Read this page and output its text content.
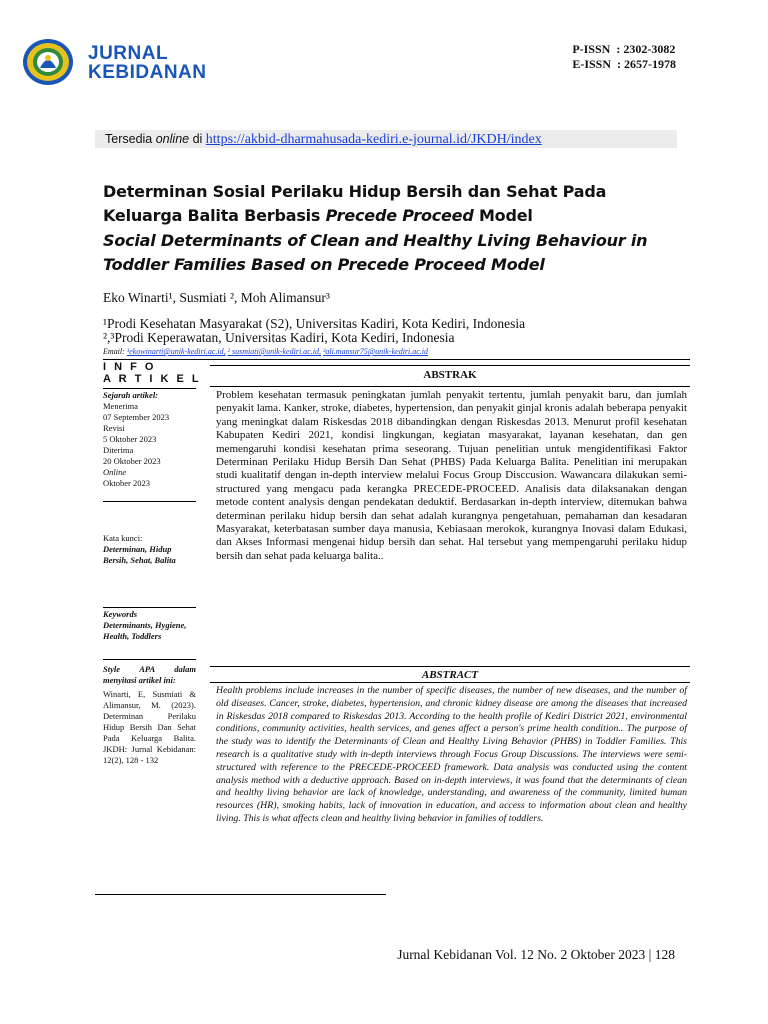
JURNAL
KEBIDANAN
P-ISSN  : 2302-3082
E-ISSN  : 2657-1978
Tersedia online di https://akbid-dharmahusada-kediri.e-journal.id/JKDH/index
Determinan Sosial Perilaku Hidup Bersih dan Sehat Pada Keluarga Balita Berbasis Precede Proceed Model
Social Determinants of Clean and Healthy Living Behaviour in Toddler Families Based on Precede Proceed Model
Eko Winarti¹, Susmiati ², Moh Alimansur³
¹Prodi Kesehatan Masyarakat (S2), Universitas Kadiri, Kota Kediri, Indonesia
²,³Prodi Keperawatan, Universitas Kadiri, Kota Kediri, Indonesia
Email: ¹ekowinarti@unik-kediri.ac.id, ² susmiati@unik-kediri.ac.id, ³ali.mansur75@unik-kediri.ac.id
I N F O
A R T I K E L
Sejarah artikel:
Menerima
07 September 2023
Revisi
5 Oktober 2023
Diterima
20 Oktober 2023
Online
Oktober 2023
Kata kunci:
Determinan, Hidup Bersih, Sehat, Balita
Keywords
Determinants, Hygiene, Health, Toddlers
Style APA dalam menyitasi artikel ini:
Winarti, E, Susmiati & Alimansur, M. (2023). Determinan Perilaku Hidup Bersih Dan Sehat Pada Keluarga Balita. JKDH: Jurnal Kebidanan: 12(2), 128 - 132
ABSTRAK
Problem kesehatan termasuk peningkatan jumlah penyakit tertentu, jumlah penyakit baru, dan jumlah penyakit lama. Kanker, stroke, diabetes, hypertension, dan penyakit ginjal kronis adalah beberapa penyakit yang meningkat dalam Riskesdas 2018 dibandingkan dengan Riskesdas 2013. Menurut profil kesehatan Kabupaten Kediri 2021, kondisi lingkungan, kegiatan masyarakat, layanan kesehatan, dan gen memengaruhi kondisi kesehatan prima seseorang. Tujuan penelitian untuk mengidentifikasi Faktor Determinan Perilaku Hidup Bersih Dan Sehat (PHBS) Pada Keluarga Balita. Penelitian ini merupakan studi kualitatif dengan in-depth interview melalui Focus Group Disccusion. Wawancara dilakukan semi-structured yang mengacu pada kerangka PRECEDE-PROCEED. Analisis data dilaksanakan dengan metode content analysis dengan pendekatan deduktif. Berdasarkan in-depth interview, ditemukan bahwa determinan perilaku hidup bersih dan sehat adalah kurangnya pengetahuan, pemahaman dan kesadaran Masyarakat, keterbatasan sumber daya manusia, Kebiasaan merokok, kurangnya Inovasi dalam Edukasi, dan Akses Informasi mengenai hidup bersih dan sehat. Hal tersebut yang mempengaruhi perilaku hidup bersih dan sehat pada keluarga balita..
ABSTRACT
Health problems include increases in the number of specific diseases, the number of new diseases, and the number of old diseases. Cancer, stroke, diabetes, hypertension, and chronic kidney disease are among the diseases that increased in Riskesdas 2018 compared to Riskesdas 2013. According to the health profile of Kediri District 2021, environmental conditions, community activities, health services, and genes affect a person's prime health condition.. The purpose of the study was to identify the Determinants of Clean and Healthy Living Behavior (PHBS) in Toddler Families. This research is a qualitative study with in-depth interviews through Focus Group Discussions. The interviews were semi-structured with reference to the PRECEDE-PROCEED framework. Data analysis was conducted using the content analysis method with a deductive approach. Based on in-depth interviews, it was found that the determinants of clean and healthy living behavior are lack of knowledge, understanding, and awareness of the community, limited human resources (HR), smoking habits, lack of innovation in education, and access to information about clean and healthy living. This is what affects clean and healthy living behavior in families of toddlers.
Jurnal Kebidanan Vol. 12 No. 2 Oktober 2023 | 128
